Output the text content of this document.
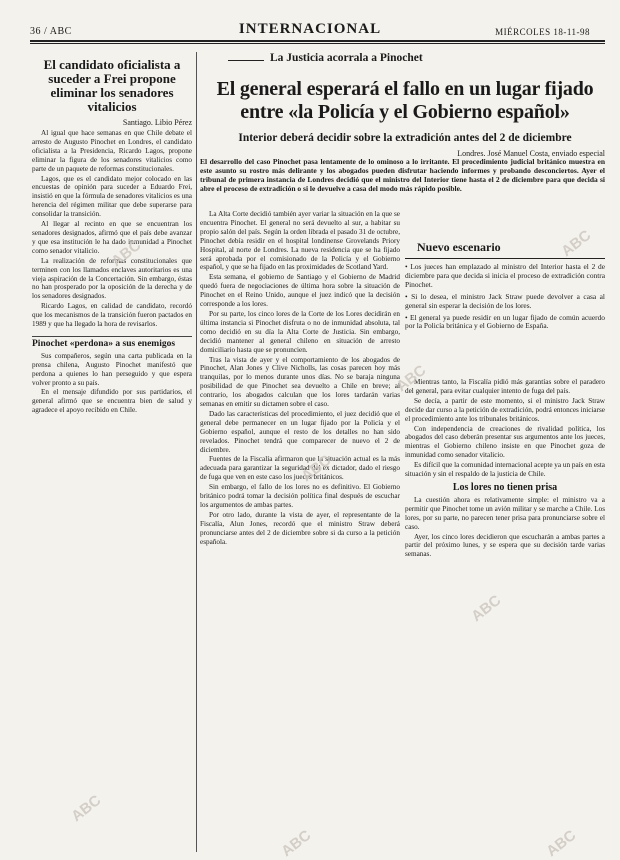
36 / ABC	INTERNACIONAL	MIÉRCOLES 18-11-98
El candidato oficialista a suceder a Frei propone eliminar los senadores vitalicios
Santiago. Libio Pérez

Al igual que hace semanas en que Chile debate el arresto de Augusto Pinochet en Londres, el candidato oficialista a la Presidencia, Ricardo Lagos, propone eliminar la figura de los senadores vitalicios como parte de un paquete de reformas constitucionales.

Lagos, que es el candidato mejor colocado en las encuestas de opinión para suceder a Eduardo Frei, insistió en que la fórmula de senadores vitalicios es una herencia del régimen militar que debe superarse para consolidar la transición.

Al llegar al recinto en que se encuentran los senadores designados, afirmó que el país debe avanzar y que esa institución le ha dado inmunidad a Pinochet como senador vitalicio.

La realización de reformas constitucionales que terminen con los llamados enclaves autoritarios es una vieja aspiración de la Concertación. Sin embargo, éstas no han prosperado por la oposición de la derecha y de los senadores designados.

Ricardo Lagos, en calidad de candidato, recordó que los mecanismos de la transición fueron pactados en 1989 y que ha llegado la hora de revisarlos.

Pinochet «perdona» a sus enemigos

Sus compañeros, según una carta publicada en la prensa chilena, Augusto Pinochet manifestó que perdona a quienes lo han perseguido y que espera volver pronto a su país.

En el mensaje difundido por sus partidarios, el general afirmó que se encuentra bien de salud y agradece el apoyo recibido en Chile.

La Justicia acorrala a Pinochet
El general esperará el fallo en un lugar fijado entre «la Policía y el Gobierno español»
Interior deberá decidir sobre la extradición antes del 2 de diciembre
Londres. José Manuel Costa, enviado especial
El desarrollo del caso Pinochet pasa lentamente de lo ominoso a lo irritante. El procedimiento judicial británico muestra en este asunto su rostro más delirante y los abogados pueden disfrutar haciendo informes y probando desconciertos. Ayer el tribunal de primera instancia de Londres decidió que el ministro del Interior tiene hasta el 2 de diciembre para que decida si abre el proceso de extradición o si le devuelve a casa del modo más rápido posible.

La Alta Corte decidió también ayer variar la situación en la que se encuentra Pinochet. El general no será devuelto al sur, a habitar su propio salón del país. Según la orden librada el pasado 31 de octubre, Pinochet debía residir en el hospital londinense Grovelands Priory Hospital, al norte de Londres. La nueva residencia que se ha fijado será aprobada por el comisionado de la Policía y el Gobierno español, y que se ha fijado en las proximidades de Scotland Yard.

Esta semana, el gobierno de Santiago y el Gobierno de Madrid quedó fuera de negociaciones de última hora sobre la situación de Pinochet en el Reino Unido, aunque el juez indicó que la decisión corresponde a los lores.

Por su parte, los cinco lores de la Corte de los Lores decidirán en última instancia si Pinochet disfruta o no de inmunidad absoluta, tal como decidió en su día la Alta Corte de Justicia. Sin embargo, decidió mantener al general chileno en situación de arresto domiciliario hasta que se pronuncien.

Tras la vista de ayer y el comportamiento de los abogados de Pinochet, Alan Jones y Clive Nicholls, las cosas parecen hoy más tranquilas, por lo menos durante unos días. No se baraja ninguna posibilidad de que Pinochet sea devuelto a Chile en breve; al contrario, los abogados calculan que los lores tardarán varias semanas en emitir su dictamen sobre el caso.

Dado las características del procedimiento, el juez decidió que el general debe permanecer en un lugar fijado por la Policía y el Gobierno español, aunque el resto de los detalles no han sido revelados. Pinochet tendrá que comparecer de nuevo el 2 de diciembre.

Fuentes de la Fiscalía afirmaron que la situación actual es la más adecuada para garantizar la seguridad del ex dictador, dado el riesgo de fuga que ven en este caso los jueces británicos.

Sin embargo, el fallo de los lores no es definitivo. El Gobierno británico podrá tomar la decisión política final después de escuchar los argumentos de ambas partes.

Por otro lado, durante la vista de ayer, el representante de la Fiscalía, Alun Jones, recordó que el ministro Straw deberá pronunciarse antes del 2 de diciembre sobre si da curso a la petición española.

Nuevo escenario
• Los jueces han emplazado al ministro del Interior hasta el 2 de diciembre para que decida si inicia el proceso de extradición contra Pinochet.
• Si lo desea, el ministro Jack Straw puede devolver a casa al general sin esperar la decisión de los lores.
• El general ya puede residir en un lugar fijado de común acuerdo por la Policía británica y el Gobierno de España.

Mientras tanto, la Fiscalía pidió más garantías sobre el paradero del general, para evitar cualquier intento de fuga del país.

Se decía, a partir de este momento, si el ministro Jack Straw decide dar curso a la petición de extradición, podrá entonces iniciarse el procedimiento ante los tribunales británicos.

Con independencia de creaciones de rivalidad política, los abogados del caso deberán presentar sus argumentos ante los jueces, mientras el Gobierno chileno insiste en que Pinochet goza de inmunidad como senador vitalicio.

Es difícil que la comunidad internacional acepte ya un país en esta situación y sin el respaldo de la justicia de Chile.

Los lores no tienen prisa

La cuestión ahora es relativamente simple: el ministro va a permitir que Pinochet tome un avión militar y se marche a Chile. Los lores, por su parte, no parecen tener prisa para pronunciarse sobre el caso.

Ayer, los cinco lores decidieron que escucharán a ambas partes a partir del próximo lunes, y se espera que su decisión tarde varias semanas.

ABC
ABC
ABC
ABC
ABC	ABC
ABC
ABC
